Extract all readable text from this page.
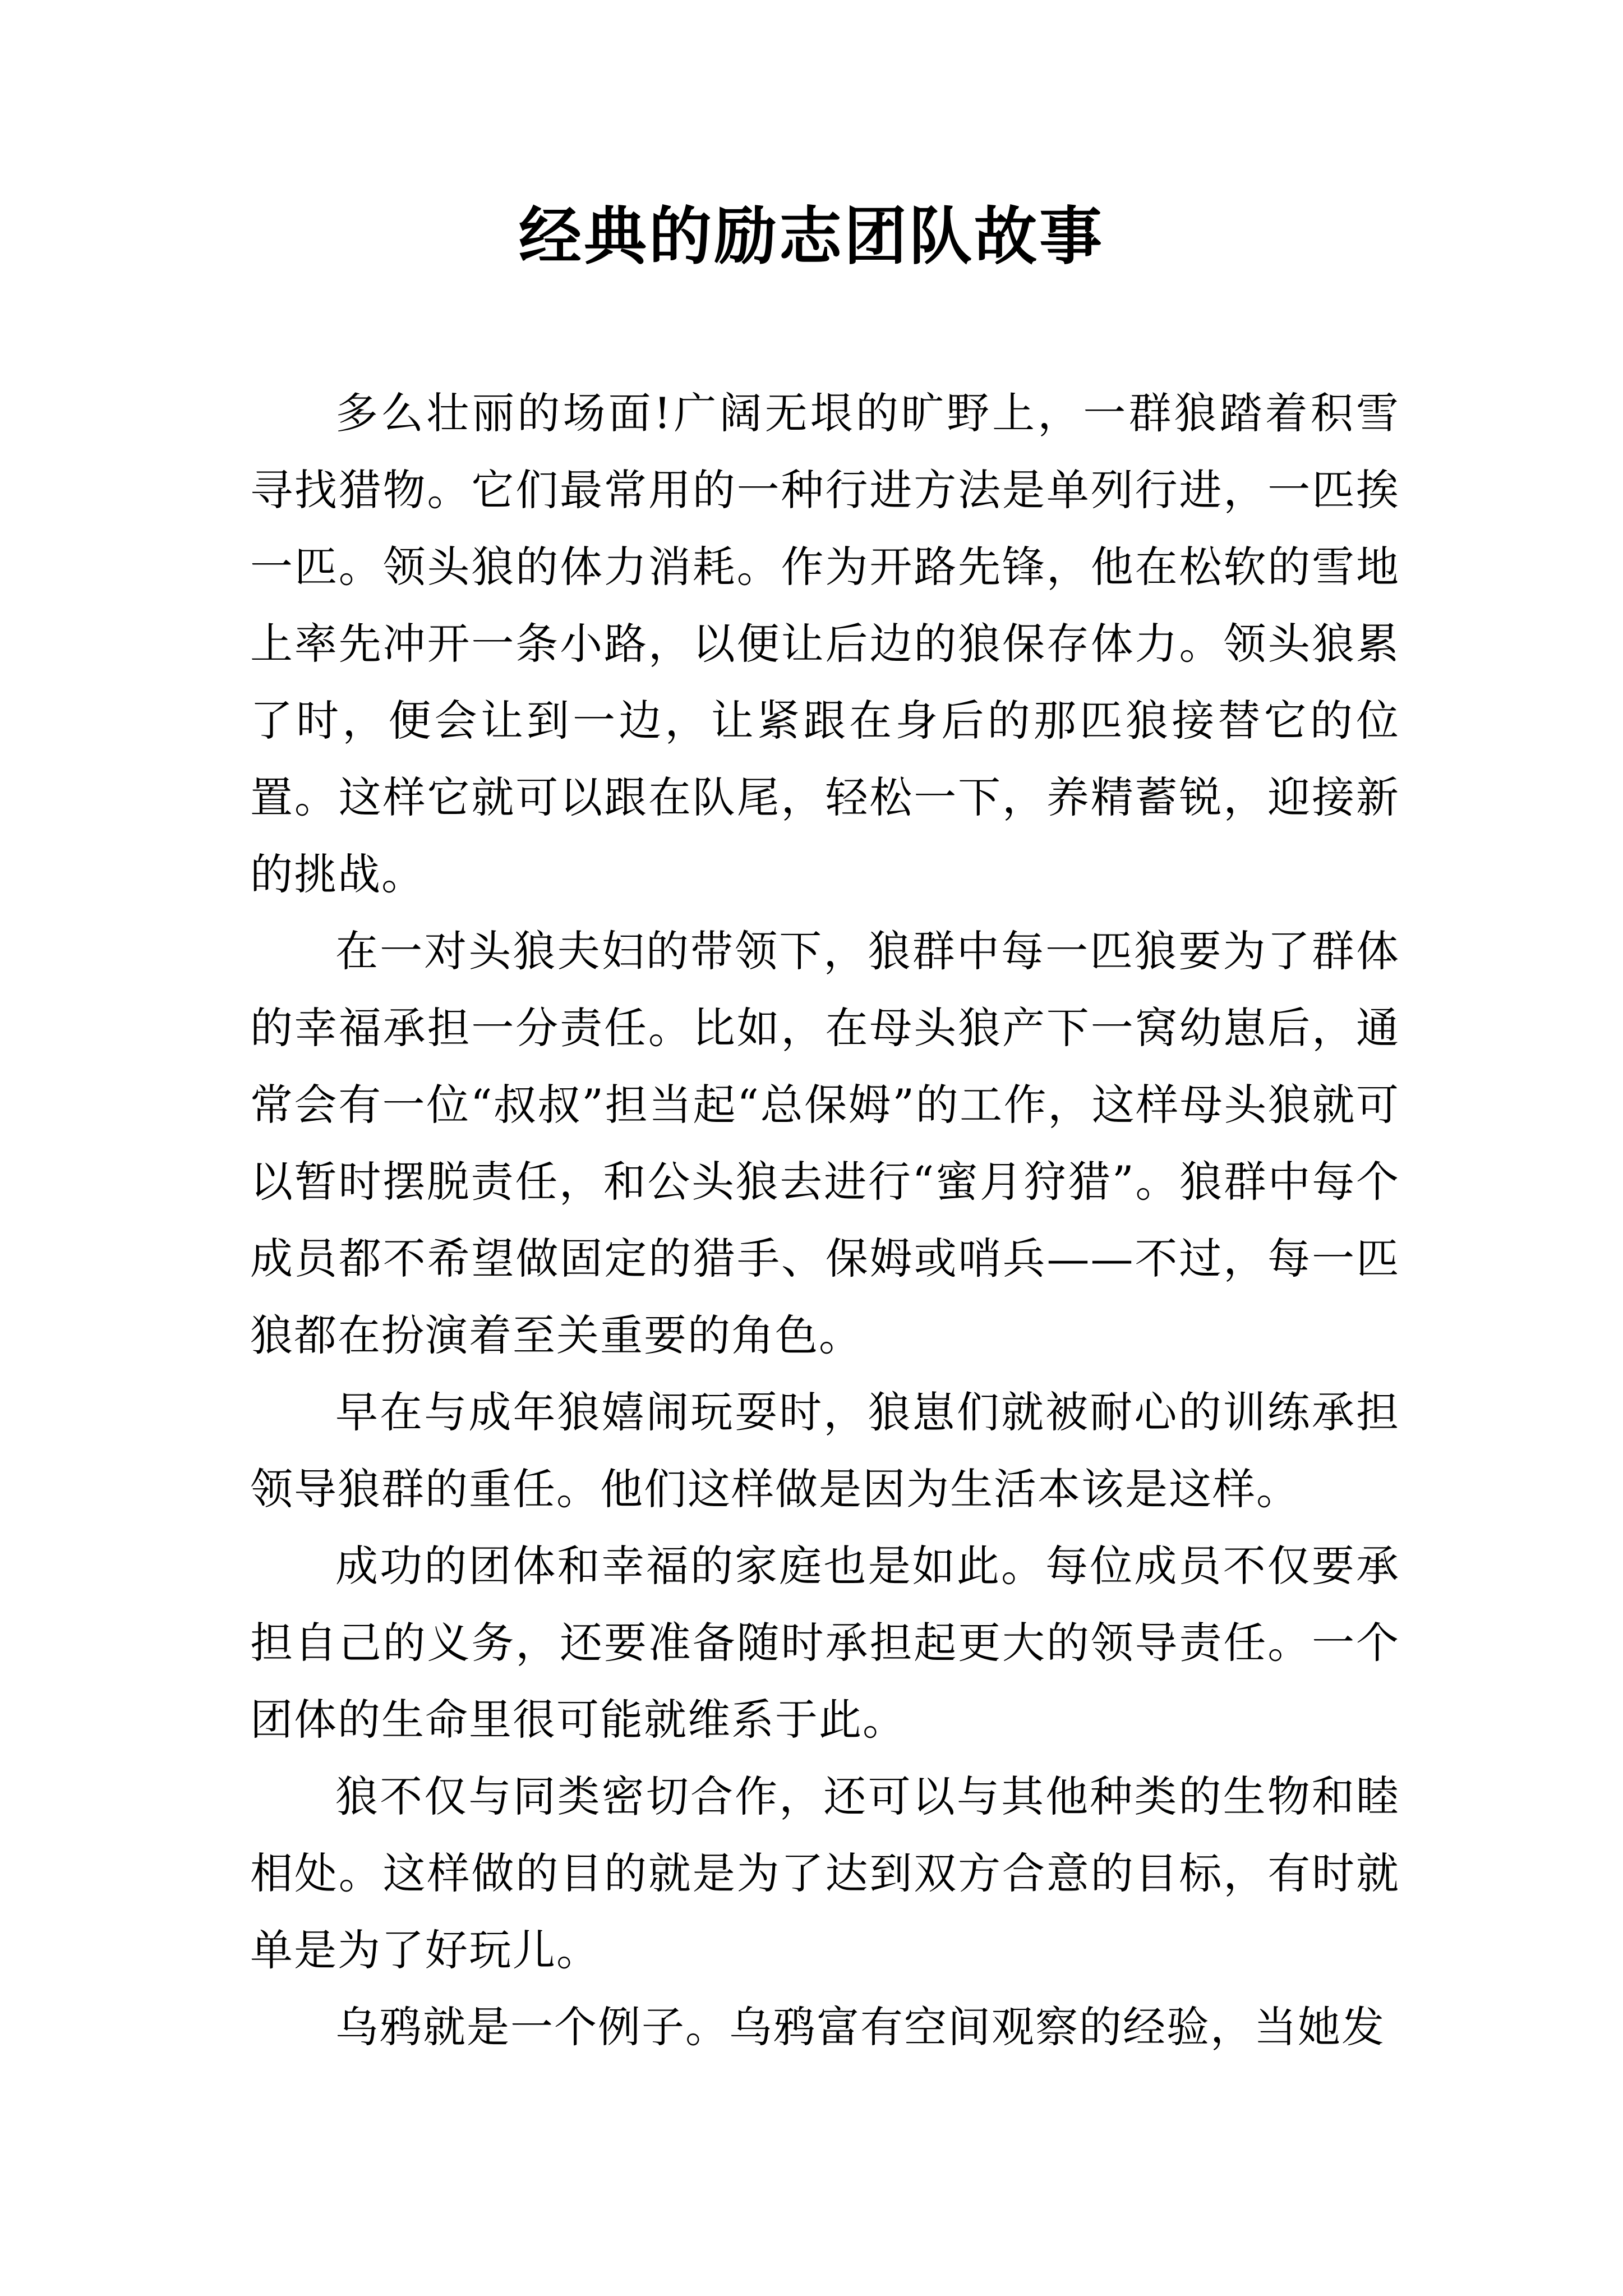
经典的励志团队故事

多么壮丽的场面!广阔无垠的旷野上，一群狼踏着积雪寻找猎物。它们最常用的一种行进方法是单列行进，一匹挨一匹。领头狼的体力消耗。作为开路先锋，他在松软的雪地上率先冲开一条小路，以便让后边的狼保存体力。领头狼累了时，便会让到一边，让紧跟在身后的那匹狼接替它的位置。这样它就可以跟在队尾，轻松一下，养精蓄锐，迎接新的挑战。

在一对头狼夫妇的带领下，狼群中每一匹狼要为了群体的幸福承担一分责任。比如，在母头狼产下一窝幼崽后，通常会有一位“叔叔”担当起“总保姆”的工作，这样母头狼就可以暂时摆脱责任，和公头狼去进行“蜜月狩猎”。狼群中每个成员都不希望做固定的猎手、保姆或哨兵——不过，每一匹狼都在扮演着至关重要的角色。

早在与成年狼嬉闹玩耍时，狼崽们就被耐心的训练承担领导狼群的重任。他们这样做是因为生活本该是这样。

成功的团体和幸福的家庭也是如此。每位成员不仅要承担自己的义务，还要准备随时承担起更大的领导责任。一个团体的生命里很可能就维系于此。

狼不仅与同类密切合作，还可以与其他种类的生物和睦相处。这样做的目的就是为了达到双方合意的目标，有时就单是为了好玩儿。

乌鸦就是一个例子。乌鸦富有空间观察的经验，当她发
